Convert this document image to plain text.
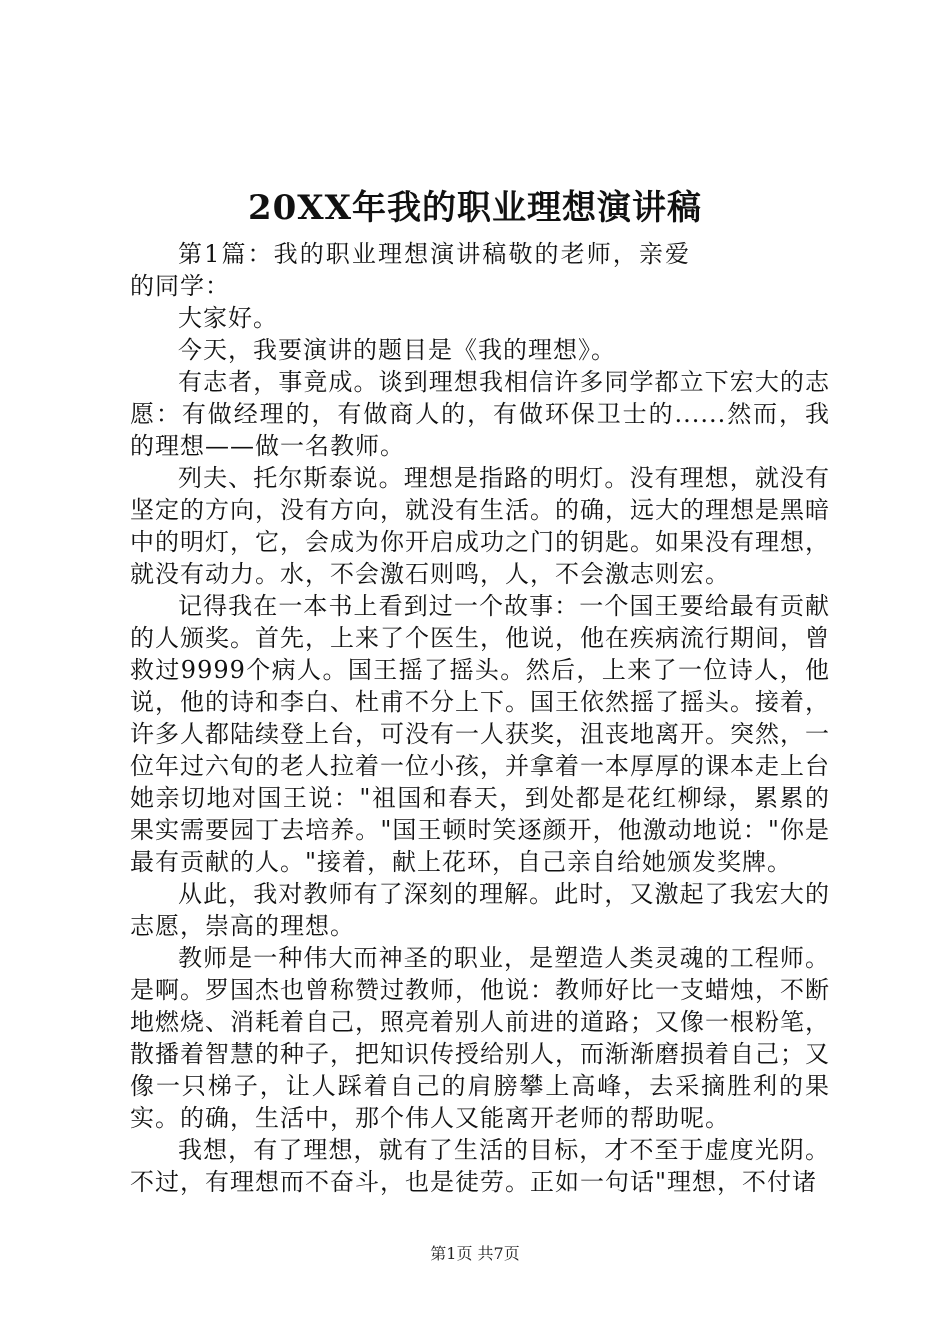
20XX年我的职业理想演讲稿

第1篇：我的职业理想演讲稿敬的老师，亲爱的同学：

大家好。

今天，我要演讲的题目是《我的理想》。

有志者，事竟成。谈到理想我相信许多同学都立下宏大的志愿：有做经理的，有做商人的，有做环保卫士的......然而，我的理想——做一名教师。

列夫、托尔斯泰说。理想是指路的明灯。没有理想，就没有坚定的方向，没有方向，就没有生活。的确，远大的理想是黑暗中的明灯，它，会成为你开启成功之门的钥匙。如果没有理想，就没有动力。水，不会激石则鸣，人，不会激志则宏。

记得我在一本书上看到过一个故事：一个国王要给最有贡献的人颁奖。首先，上来了个医生，他说，他在疾病流行期间，曾救过9999个病人。国王摇了摇头。然后，上来了一位诗人，他说，他的诗和李白、杜甫不分上下。国王依然摇了摇头。接着，许多人都陆续登上台，可没有一人获奖，沮丧地离开。突然，一位年过六旬的老人拉着一位小孩，并拿着一本厚厚的课本走上台她亲切地对国王说："祖国和春天，到处都是花红柳绿，累累的果实需要园丁去培养。"国王顿时笑逐颜开，他激动地说："你是最有贡献的人。"接着，献上花环，自己亲自给她颁发奖牌。

从此，我对教师有了深刻的理解。此时，又激起了我宏大的志愿，崇高的理想。

教师是一种伟大而神圣的职业，是塑造人类灵魂的工程师。是啊。罗国杰也曾称赞过教师，他说：教师好比一支蜡烛，不断地燃烧、消耗着自己，照亮着别人前进的道路；又像一根粉笔，散播着智慧的种子，把知识传授给别人，而渐渐磨损着自己；又像一只梯子，让人踩着自己的肩膀攀上高峰，去采摘胜利的果实。的确，生活中，那个伟人又能离开老师的帮助呢。

我想，有了理想，就有了生活的目标，才不至于虚度光阴。不过，有理想而不奋斗，也是徒劳。正如一句话"理想，不付诸

第1页 共7页
